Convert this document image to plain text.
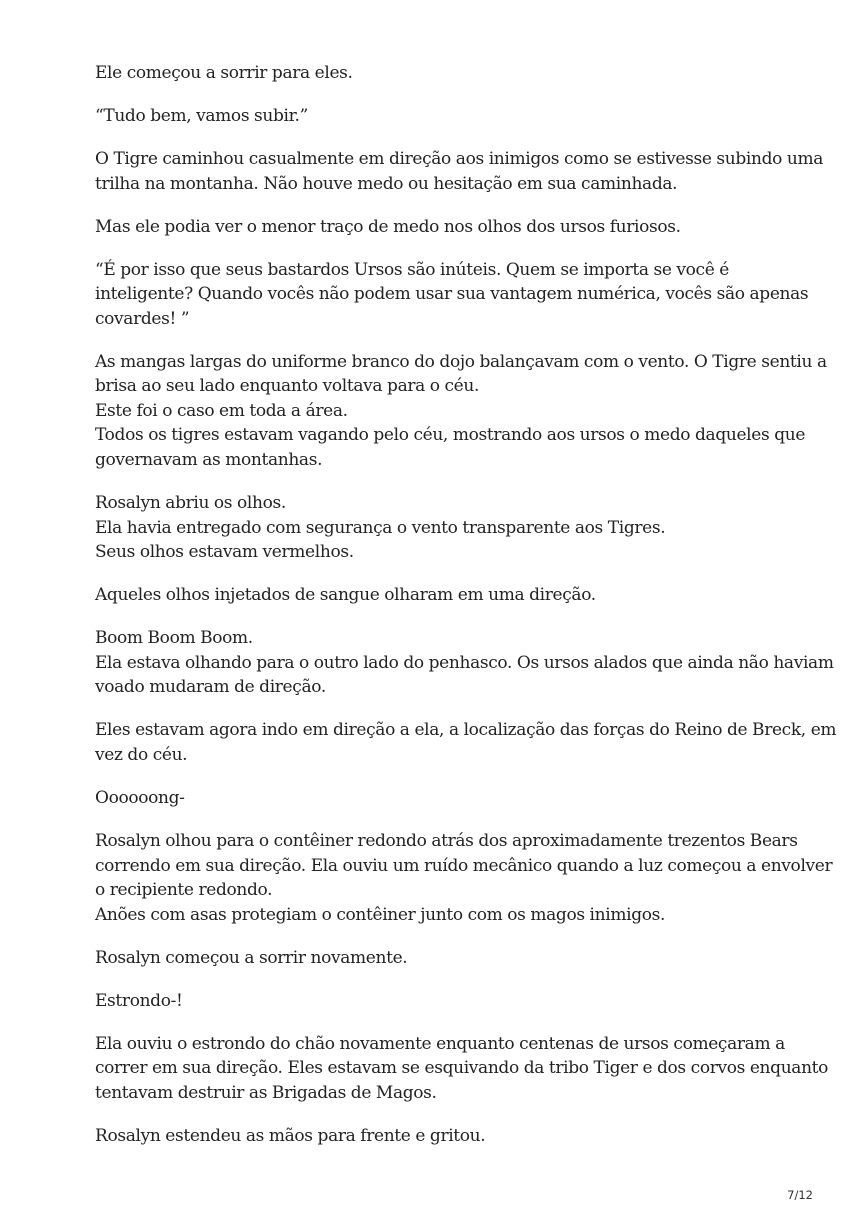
Ele começou a sorrir para eles.

“Tudo bem, vamos subir.”

O Tigre caminhou casualmente em direção aos inimigos como se estivesse subindo uma
trilha na montanha. Não houve medo ou hesitação em sua caminhada.

Mas ele podia ver o menor traço de medo nos olhos dos ursos furiosos.

“É por isso que seus bastardos Ursos são inúteis. Quem se importa se você é
inteligente? Quando vocês não podem usar sua vantagem numérica, vocês são apenas
covardes! ”

As mangas largas do uniforme branco do dojo balançavam com o vento. O Tigre sentiu a
brisa ao seu lado enquanto voltava para o céu.
Este foi o caso em toda a área.
Todos os tigres estavam vagando pelo céu, mostrando aos ursos o medo daqueles que
governavam as montanhas.

Rosalyn abriu os olhos.
Ela havia entregado com segurança o vento transparente aos Tigres.
Seus olhos estavam vermelhos.

Aqueles olhos injetados de sangue olharam em uma direção.

Boom Boom Boom.
Ela estava olhando para o outro lado do penhasco. Os ursos alados que ainda não haviam
voado mudaram de direção.

Eles estavam agora indo em direção a ela, a localização das forças do Reino de Breck, em
vez do céu.

Oooooong-

Rosalyn olhou para o contêiner redondo atrás dos aproximadamente trezentos Bears
correndo em sua direção. Ela ouviu um ruído mecânico quando a luz começou a envolver
o recipiente redondo.
Anões com asas protegiam o contêiner junto com os magos inimigos.

Rosalyn começou a sorrir novamente.

Estrondo-!

Ela ouviu o estrondo do chão novamente enquanto centenas de ursos começaram a
correr em sua direção. Eles estavam se esquivando da tribo Tiger e dos corvos enquanto
tentavam destruir as Brigadas de Magos.

Rosalyn estendeu as mãos para frente e gritou.

7/12
